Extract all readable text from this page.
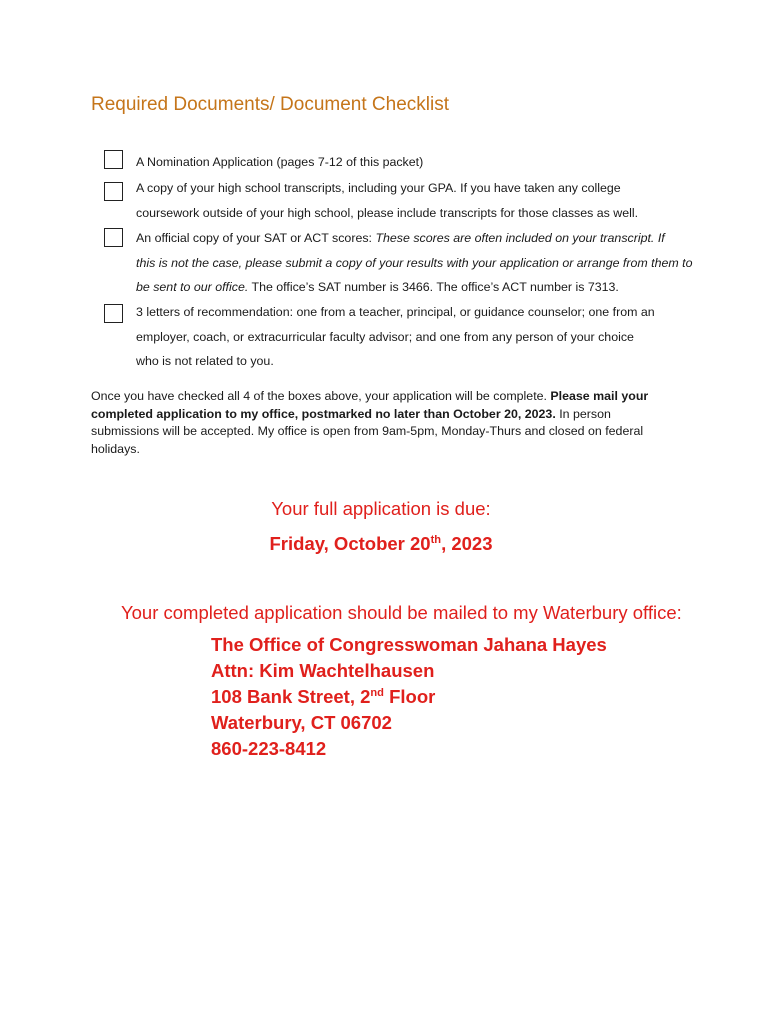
Required Documents/ Document Checklist
A Nomination Application (pages 7-12 of this packet)
A copy of your high school transcripts, including your GPA. If you have taken any college
coursework outside of your high school, please include transcripts for those classes as well.
An official copy of your SAT or ACT scores: These scores are often included on your transcript. If
this is not the case, please submit a copy of your results with your application or arrange from them to
be sent to our office. The office’s SAT number is 3466. The office’s ACT number is 7313.
3 letters of recommendation: one from a teacher, principal, or guidance counselor; one from an
employer, coach, or extracurricular faculty advisor; and one from any person of your choice
who is not related to you.
Once you have checked all 4 of the boxes above, your application will be complete. Please mail your
completed application to my office, postmarked no later than October 20, 2023. In person
submissions will be accepted. My office is open from 9am-5pm, Monday-Thurs and closed on federal
holidays.
Your full application is due:
Friday, October 20th, 2023
Your completed application should be mailed to my Waterbury office:
The Office of Congresswoman Jahana Hayes
Attn: Kim Wachtelhausen
108 Bank Street, 2nd Floor
Waterbury, CT 06702
860-223-8412
